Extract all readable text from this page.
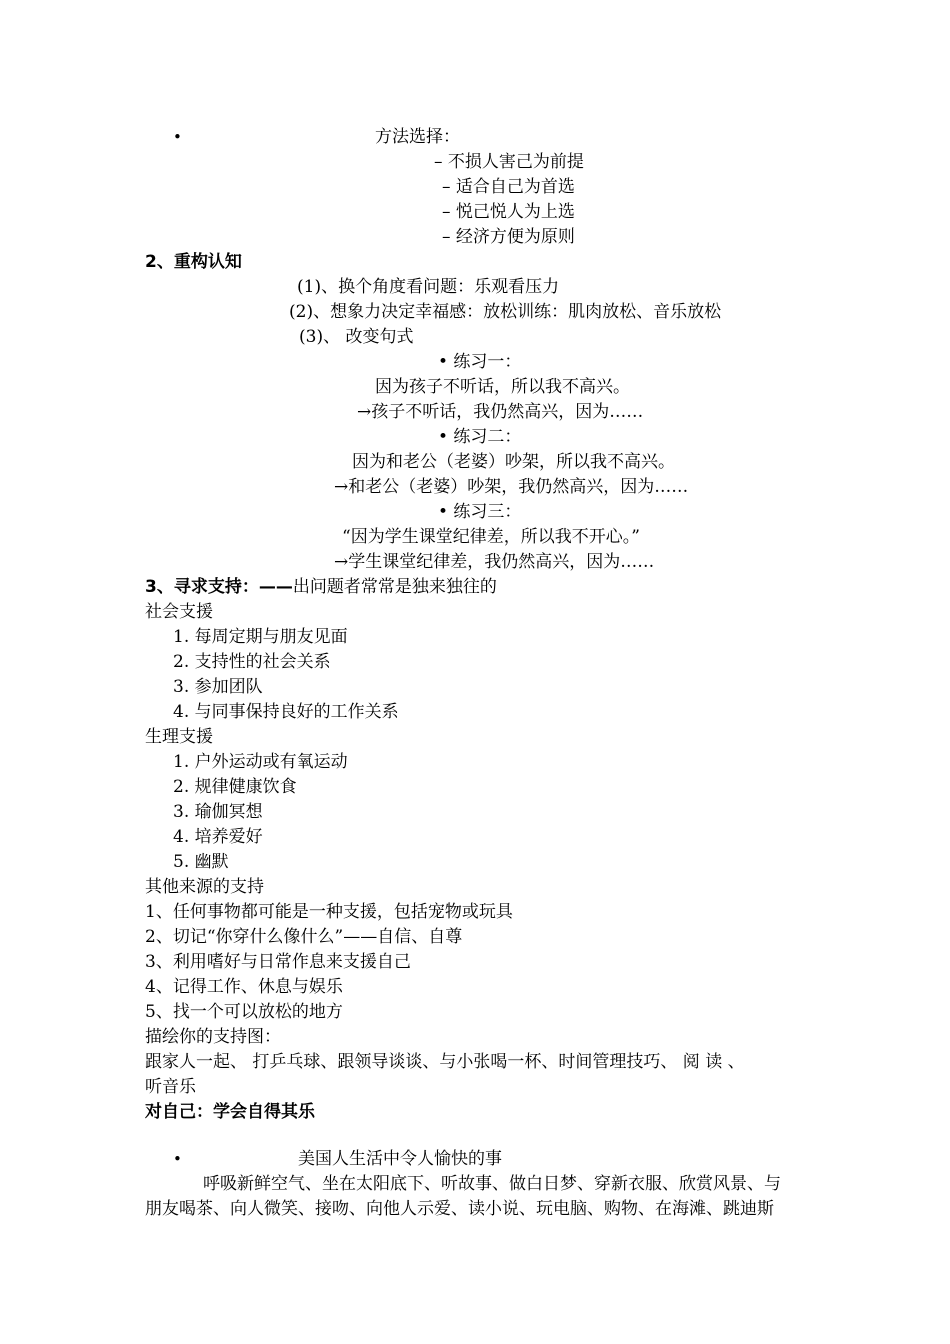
•	方法选择：
– 不损人害己为前提
– 适合自己为首选
– 悦己悦人为上选
– 经济方便为原则
2、重构认知
(1)、换个角度看问题：乐观看压力
(2)、想象力决定幸福感：放松训练：肌肉放松、音乐放松
(3)、 改变句式
• 练习一：
因为孩子不听话，所以我不高兴。
→孩子不听话，我仍然高兴，因为……
• 练习二：
因为和老公（老婆）吵架，所以我不高兴。
→和老公（老婆）吵架，我仍然高兴，因为……
• 练习三：
“因为学生课堂纪律差，所以我不开心。”
→学生课堂纪律差，我仍然高兴，因为……
3、寻求支持：——出问题者常常是独来独往的
社会支援
1. 每周定期与朋友见面
2. 支持性的社会关系
3. 参加团队
4. 与同事保持良好的工作关系
生理支援
1. 户外运动或有氧运动
2. 规律健康饮食
3. 瑜伽冥想
4. 培养爱好
5. 幽默
其他来源的支持
1、任何事物都可能是一种支援，包括宠物或玩具
2、切记“你穿什么像什么”——自信、自尊
3、利用嗜好与日常作息来支援自己
4、记得工作、休息与娱乐
5、找一个可以放松的地方
描绘你的支持图：
跟家人一起、 打乒乓球、跟领导谈谈、与小张喝一杯、时间管理技巧、 阅 读 、
听音乐
对自己：学会自得其乐
•	美国人生活中令人愉快的事
呼吸新鲜空气、坐在太阳底下、听故事、做白日梦、穿新衣服、欣赏风景、与
朋友喝茶、向人微笑、接吻、向他人示爱、读小说、玩电脑、购物、在海滩、跳迪斯
